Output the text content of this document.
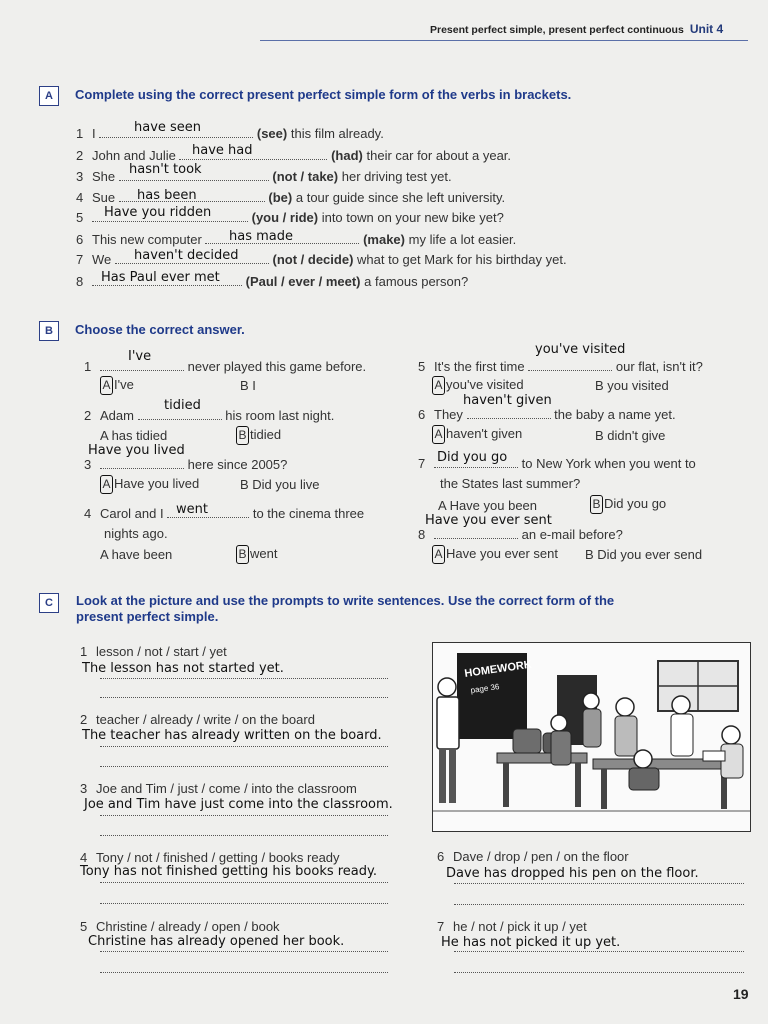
Present perfect simple, present perfect continuous Unit 4
A	Complete using the correct present perfect simple form of the verbs in brackets.
have seen
1 I	(see) this film already.
have had
2 John and Julie	(had) their car for about a year.
hasn't took
3 She	(not / take) her driving test yet.
has been
4 Sue	(be) a tour guide since she left university.
Have you ridden
5	(you / ride) into town on your new bike yet?
has made
6 This new computer	(make) my life a lot easier.
haven't decided
7 We	(not / decide) what to get Mark for his birthday yet.
Has Paul ever met
8	(Paul / ever / meet) a famous person?
B	Choose the correct answer.
I've
1	never played this game before.
A I've	B I
tidied
2 Adam	his room last night.
A has tidied	B tidied
Have you lived
3	here since 2005?
A Have you lived	B Did you live
went
4 Carol and I	to the cinema three
nights ago.
A have been	B went
you've visited
5 It's the first time	our flat, isn't it?
A you've visited	B you visited
haven't given
6 They	the baby a name yet.
A haven't given	B didn't give
Did you go
7	to New York when you went to
the States last summer?
A Have you been	B Did you go
Have you ever sent
8	an e-mail before?
A Have you ever sent B Did you ever send
C	Look at the picture and use the prompts to write sentences. Use the correct form of the present perfect simple.
1 lesson / not / start / yet
The lesson has not started yet.
2 teacher / already / write / on the board
The teacher has already written on the board.
3 Joe and Tim / just / come / into the classroom
Joe and Tim have just come into the classroom.
4 Tony / not / finished / getting / books ready
Tony has not finished getting his books ready.
5 Christine / already / open / book
Christine has already opened her book.
6 Dave / drop / pen / on the floor
Dave has dropped his pen on the floor.
7 he / not / pick it up / yet
He has not picked it up yet.
HOMEWORK
page 36
19
